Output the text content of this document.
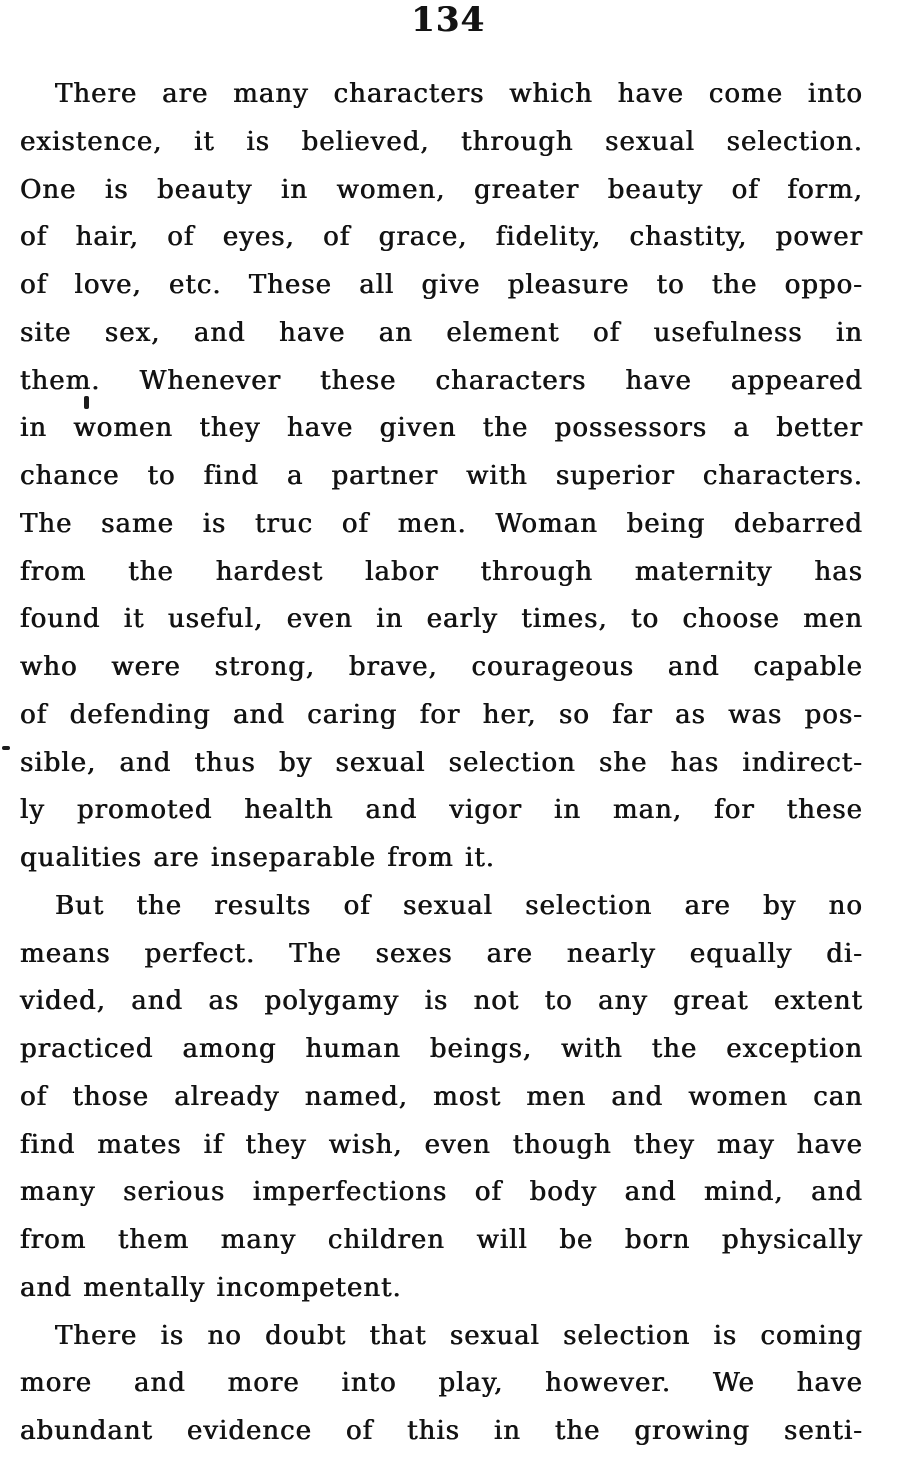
134
There are many characters which have come into
existence, it is believed, through sexual selection.
One is beauty in women, greater beauty of form,
of hair, of eyes, of grace, fidelity, chastity, power
of love, etc. These all give pleasure to the oppo-
site sex, and have an element of usefulness in
them. Whenever these characters have appeared
in women they have given the possessors a better
chance to find a partner with superior characters.
The same is truc of men. Woman being debarred
from the hardest labor through maternity has
found it useful, even in early times, to choose men
who were strong, brave, courageous and capable
of defending and caring for her, so far as was pos-
sible, and thus by sexual selection she has indirect-
ly promoted health and vigor in man, for these
qualities are inseparable from it.
But the results of sexual selection are by no
means perfect. The sexes are nearly equally di-
vided, and as polygamy is not to any great extent
practiced among human beings, with the exception
of those already named, most men and women can
find mates if they wish, even though they may have
many serious imperfections of body and mind, and
from them many children will be born physically
and mentally incompetent.
There is no doubt that sexual selection is coming
more and more into play, however. We have
abundant evidence of this in the growing senti-
